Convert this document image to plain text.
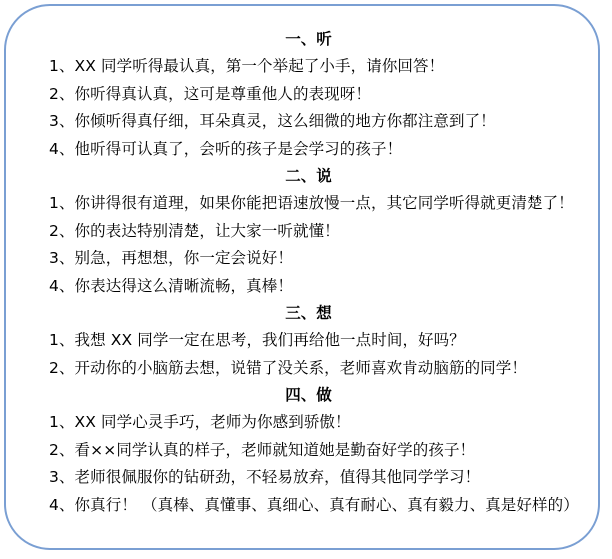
一、听
1、XX 同学听得最认真，第一个举起了小手，请你回答！
2、你听得真认真，这可是尊重他人的表现呀！
3、你倾听得真仔细，耳朵真灵，这么细微的地方你都注意到了！
4、他听得可认真了，会听的孩子是会学习的孩子！
二、说
1、你讲得很有道理，如果你能把语速放慢一点，其它同学听得就更清楚了！
2、你的表达特别清楚，让大家一听就懂！
3、别急，再想想，你一定会说好！
4、你表达得这么清晰流畅，真棒！
三、想
1、我想 XX 同学一定在思考，我们再给他一点时间，好吗？
2、开动你的小脑筋去想，说错了没关系，老师喜欢肯动脑筋的同学！
四、做
1、XX 同学心灵手巧，老师为你感到骄傲！
2、看××同学认真的样子，老师就知道她是勤奋好学的孩子！
3、老师很佩服你的钻研劲，不轻易放弃，值得其他同学学习！
4、你真行！ （真棒、真懂事、真细心、真有耐心、真有毅力、真是好样的）
